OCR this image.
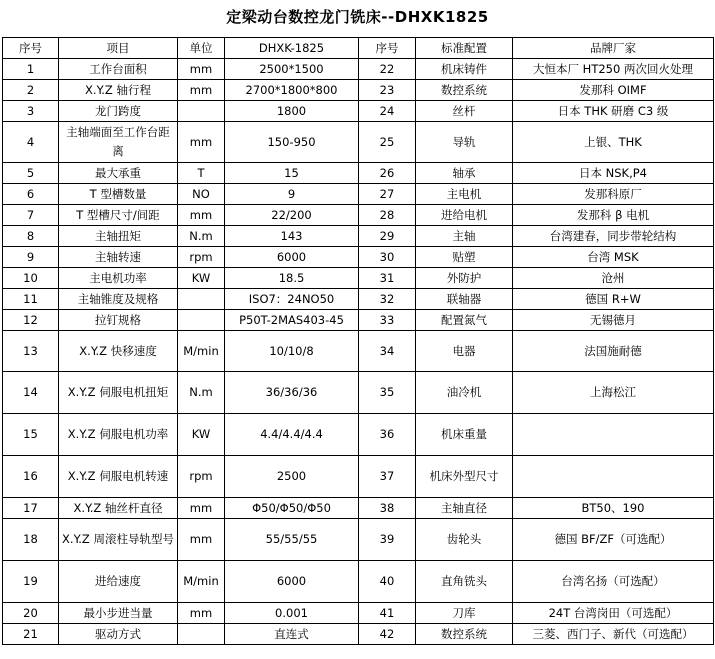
定梁动台数控龙门铣床--DHXK1825
序号	项目	单位	DHXK-1825	序号	标准配置	品牌厂家
1	工作台面积	mm	2500*1500	22	机床铸件	大恒本厂 HT250 两次回火处理
2	X.Y.Z 轴行程	mm	2700*1800*800	23	数控系统	发那科 OIMF
3	龙门跨度		1800	24	丝杆	日本 THK 研磨 C3 级
4	主轴端面至工作台距离	mm	150-950	25	导轨	上银、THK
5	最大承重	T	15	26	轴承	日本 NSK,P4
6	T 型槽数量	NO	9	27	主电机	发那科原厂
7	T 型槽尺寸/间距	mm	22/200	28	进给电机	发那科 β 电机
8	主轴扭矩	N.m	143	29	主轴	台湾建春，同步带轮结构
9	主轴转速	rpm	6000	30	贴塑	台湾 MSK
10	主电机功率	KW	18.5	31	外防护	沧州
11	主轴锥度及规格		ISO7：24NO50	32	联轴器	德国 R+W
12	拉钉规格		P50T-2MAS403-45	33	配置氮气	无锡德月
13	X.Y.Z 快移速度	M/min	10/10/8	34	电器	法国施耐德
14	X.Y.Z 伺服电机扭矩	N.m	36/36/36	35	油冷机	上海松江
15	X.Y.Z 伺服电机功率	KW	4.4/4.4/4.4	36	机床重量	
16	X.Y.Z 伺服电机转速	rpm	2500	37	机床外型尺寸	
17	X.Y.Z 轴丝杆直径	mm	Φ50/Φ50/Φ50	38	主轴直径	BT50、190
18	X.Y.Z 周滚柱导轨型号	mm	55/55/55	39	齿轮头	德国 BF/ZF（可选配）
19	进给速度	M/min	6000	40	直角铣头	台湾名扬（可选配）
20	最小步进当量	mm	0.001	41	刀库	24T 台湾岗田（可选配）
21	驱动方式		直连式	42	数控系统	三菱、西门子、新代（可选配）
